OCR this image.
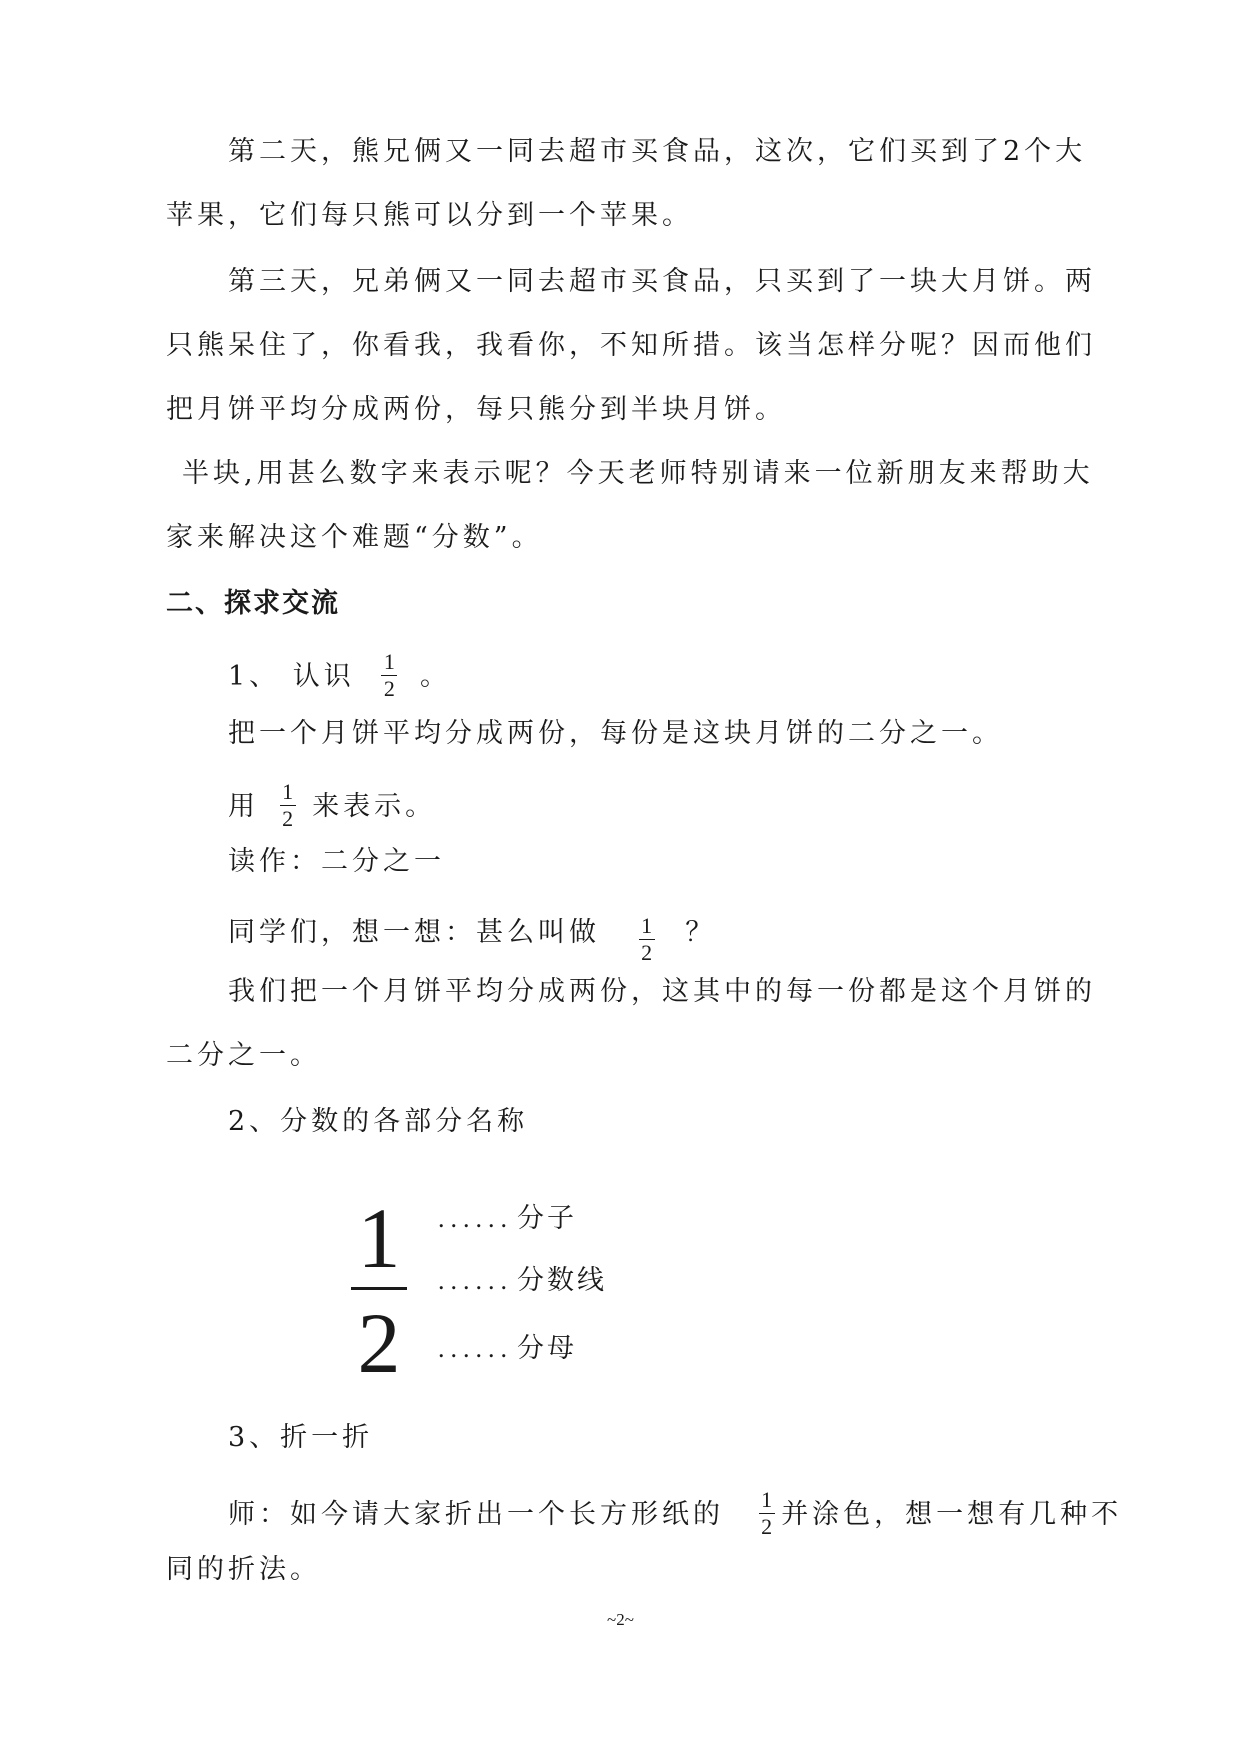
第二天，熊兄俩又一同去超市买食品，这次，它们买到了2个大
苹果，它们每只熊可以分到一个苹果。
第三天，兄弟俩又一同去超市买食品，只买到了一块大月饼。两
只熊呆住了，你看我，我看你，不知所措。该当怎样分呢？因而他们
把月饼平均分成两份，每只熊分到半块月饼。
半块,用甚么数字来表示呢？今天老师特别请来一位新朋友来帮助大
家来解决这个难题“分数”。
二、探求交流
1、 认识 $\frac{1}{2}$ 。
把一个月饼平均分成两份，每份是这块月饼的二分之一。
用 $\frac{1}{2}$ 来表示。
读作：二分之一
同学们，想一想：甚么叫做 $\frac{1}{2}$ ？
我们把一个月饼平均分成两份，这其中的每一份都是这个月饼的
二分之一。
2、分数的各部分名称
1
2
...... 分子
...... 分数线
...... 分母
3、折一折
师：如今请大家折出一个长方形纸的 $\frac{1}{2}$ 并涂色，想一想有几种不
同的折法。
~2~
